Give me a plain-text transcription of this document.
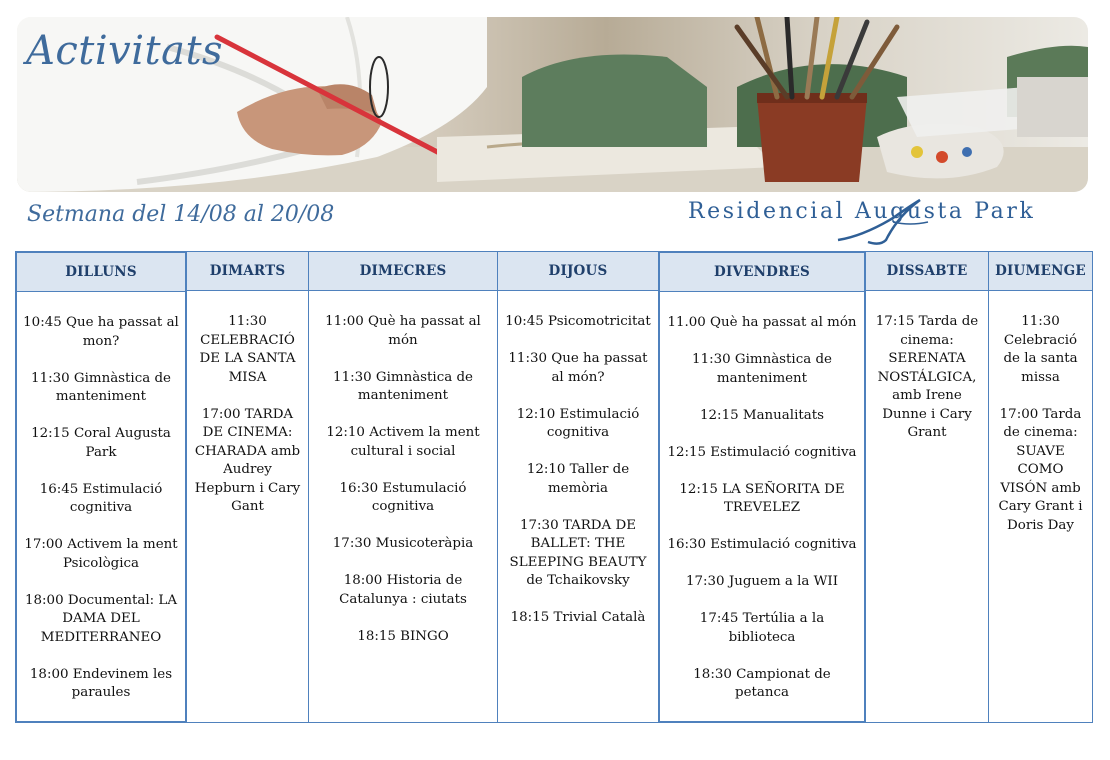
Activitats
Setmana del 14/08 al 20/08	Residencial Augusta Park
DILLUNS

10:45 Que ha passat al mon?

11:30 Gimnàstica de manteniment

12:15 Coral Augusta Park

16:45 Estimulació cognitiva

17:00 Activem la ment Psicològica

18:00 Documental: LA DAMA DEL MEDITERRANEO

18:00 Endevinem les paraules

DIMARTS

11:30 CELEBRACIÓ DE LA SANTA MISA

17:00 TARDA DE CINEMA: CHARADA amb Audrey Hepburn i Cary Gant

DIMECRES

11:00 Què ha passat al món

11:30 Gimnàstica de manteniment

12:10 Activem la ment cultural i social

16:30 Estumulació cognitiva

17:30 Musicoteràpia

18:00 Historia de Catalunya : ciutats

18:15 BINGO

DIJOUS

10:45 Psicomotricitat

11:30 Que ha passat al món?

12:10 Estimulació cognitiva

12:10 Taller de memòria

17:30 TARDA DE BALLET: THE SLEEPING BEAUTY de Tchaikovsky

18:15 Trivial Català

DIVENDRES

11.00 Què ha passat al món

11:30 Gimnàstica de manteniment

12:15 Manualitats

12:15 Estimulació cognitiva

12:15 LA SEÑORITA DE TREVELEZ

16:30 Estimulació cognitiva

17:30 Juguem a la WII

17:45 Tertúlia a la biblioteca

18:30 Campionat de petanca

DISSABTE

17:15 Tarda de cinema: SERENATA NOSTÁLGICA, amb Irene Dunne i Cary Grant

DIUMENGE

11:30 Celebració de la santa missa

17:00 Tarda de cinema: SUAVE COMO VISÓN amb Cary Grant i Doris Day
